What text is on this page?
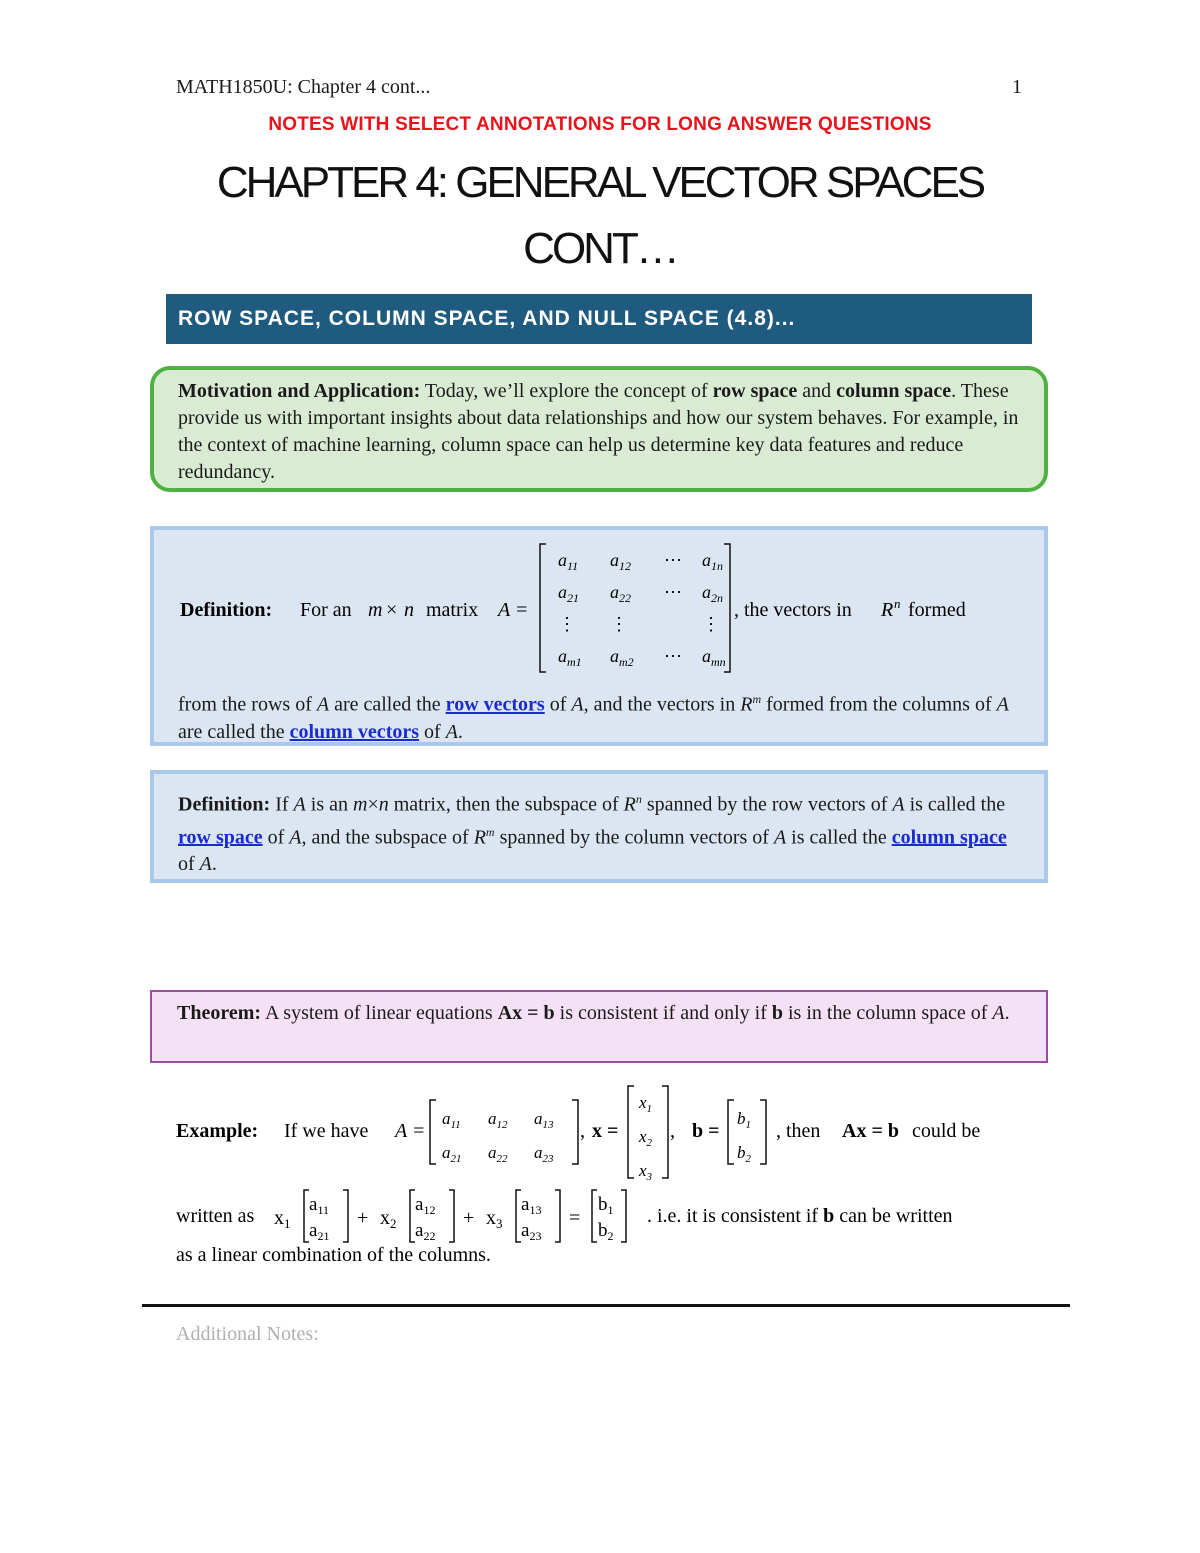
MATH1850U: Chapter 4 cont...	1
NOTES WITH SELECT ANNOTATIONS FOR LONG ANSWER QUESTIONS
CHAPTER 4: GENERAL VECTOR SPACES
CONT…
ROW SPACE, COLUMN SPACE, AND NULL SPACE (4.8)...
Motivation and Application: Today, we’ll explore the concept of row space and column space. These provide us with important insights about data relationships and how our system behaves. For example, in the context of machine learning, column space can help us determine key data features and reduce redundancy.
Definition: For an m × n matrix A =
$a_{11}$ $a_{12}$ ⋯ $a_{1n}$
$a_{21}$ $a_{22}$ ⋯ $a_{2n}$
⋮ ⋮	⋮
$a_{m1}$ $a_{m2}$ ⋯ $a_{mn}$
, the vectors in R n formed
from the rows of A are called the row vectors of A, and the vectors in $R^m$ formed from the columns of A are called the column vectors of A.
Definition: If A is an m×n matrix, then the subspace of $R^n$ spanned by the row vectors of A is called the row space of A, and the subspace of $R^m$ spanned by the column vectors of A is called the column space of A.
Theorem: A system of linear equations Ax = b is consistent if and only if b is in the column space of A.
Example: If we have A =
$a_{11}$ $a_{12}$ $a_{13}$
$a_{21}$ $a_{22}$ $a_{23}$
, x =
$x_1$
$x_2$
$x_3$
, b =
$b_1$
$b_2$
, then Ax = b could be
written as $x_1$
$a_{11}$
$a_{21}$
+ $x_2$
$a_{12}$
$a_{22}$
+ $x_3$
$a_{13}$
$a_{23}$
=
$b_1$
$b_2$
. i.e. it is consistent if b can be written
as a linear combination of the columns.
Additional Notes:
